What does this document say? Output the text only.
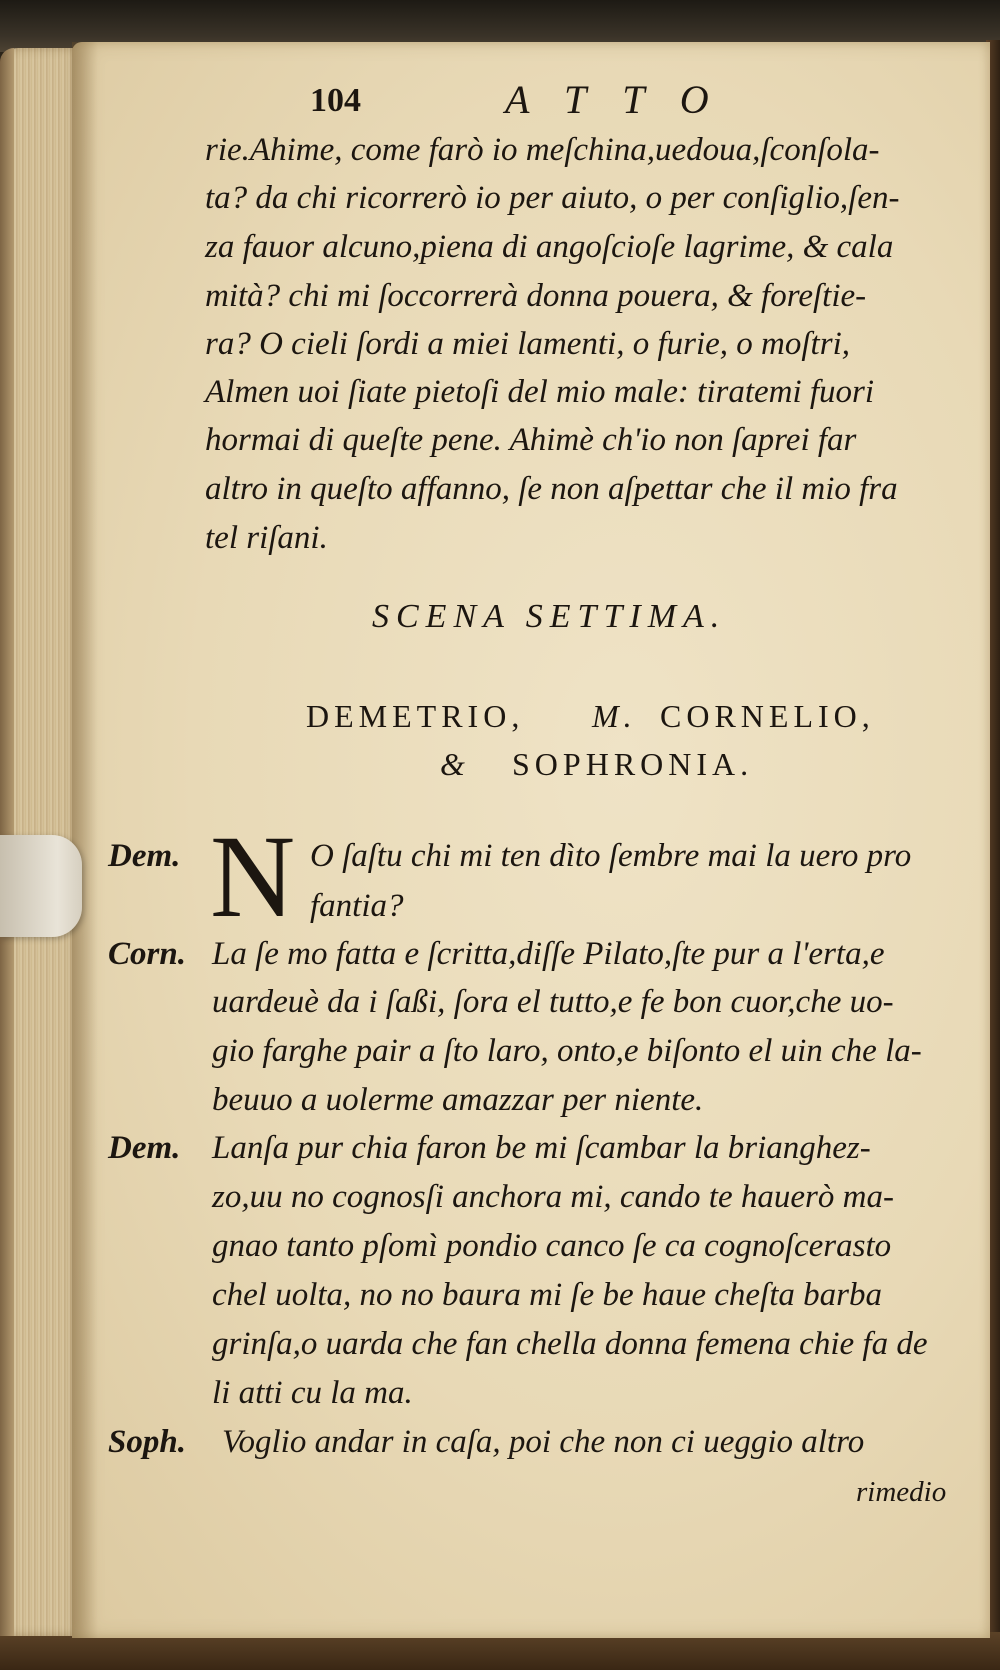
104	ATTO
rie.Ahime, come farò io meſchina,uedoua,ſconſola-
ta? da chi ricorrerò io per aiuto, o per conſiglio,ſen-
za fauor alcuno,piena di angoſcioſe lagrime, & cala
mità? chi mi ſoccorrerà donna pouera, & foreſtie-
ra? O cieli ſordi a miei lamenti, o furie, o moſtri,
Almen uoi ſiate pietoſi del mio male: tiratemi fuori
hormai di queſte pene. Ahimè ch'io non ſaprei far
altro in queſto affanno, ſe non aſpettar che il mio fra
tel riſani.
SCENA SETTIMA.
DEMETRIO, M. CORNELIO,
& SOPHRONIA.
Dem. N O ſaſtu chi mi ten dìto ſembre mai la uero pro
fantia?
Corn. La ſe mo fatta e ſcritta,diſſe Pilato,ſte pur a l'erta,e
uardeuè da i ſaßi, ſora el tutto,e fe bon cuor,che uo-
gio farghe pair a ſto laro, onto,e biſonto el uin che la-
beuuo a uolerme amazzar per niente.
Dem. Lanſa pur chia faron be mi ſcambar la brianghez-
zo,uu no cognosſi anchora mi, cando te hauerò ma-
gnao tanto pſomì pondio canco ſe ca cognoſcerasto
chel uolta, no no baura mi ſe be haue cheſta barba
grinſa,o uarda che fan chella donna femena chie fa de
li atti cu la ma.
Soph. Voglio andar in caſa, poi che non ci ueggio altro
rimedio
